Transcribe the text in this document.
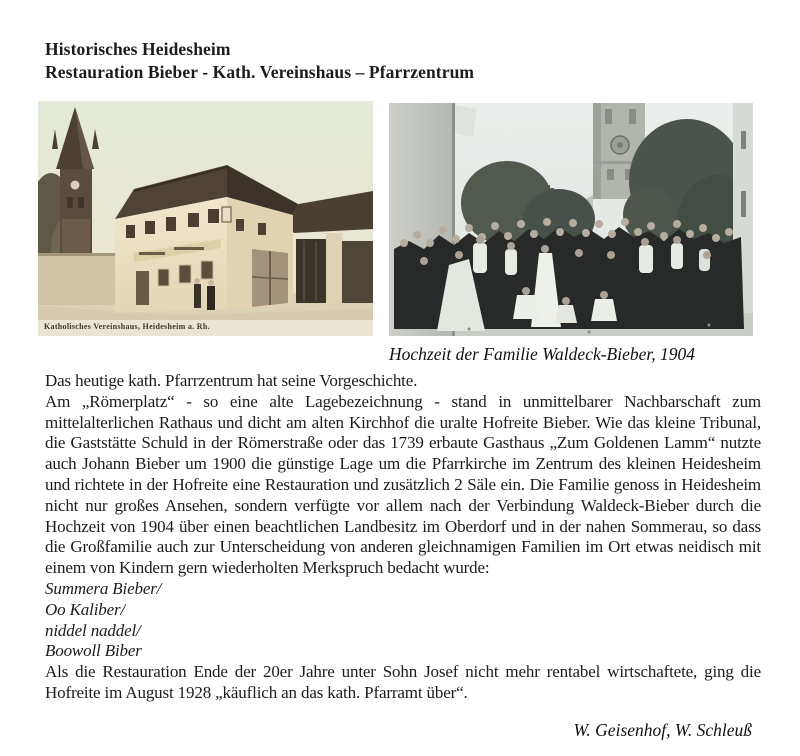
Historisches Heidesheim
Restauration Bieber - Kath. Vereinshaus – Pfarrzentrum
Katholisches Vereinshaus, Heidesheim a. Rh.
Hochzeit der Familie Waldeck-Bieber, 1904

Das heutige kath. Pfarrzentrum hat seine Vorgeschichte.

Am „Römerplatz“ - so eine alte Lagebezeichnung - stand in unmittelbarer Nachbarschaft zum mittelalterlichen Rathaus und dicht am alten Kirchhof die uralte Hofreite Bieber. Wie das kleine Tribunal, die Gaststätte Schuld in der Römerstraße oder das 1739 erbaute Gasthaus „Zum Goldenen Lamm“ nutzte auch Johann Bieber um 1900 die günstige Lage um die Pfarrkirche im Zentrum des kleinen Heidesheim und richtete in der Hofreite eine Restauration und zusätzlich 2 Säle ein. Die Familie genoss in Heidesheim nicht nur großes Ansehen, sondern verfügte vor allem nach der Verbindung Waldeck-Bieber durch die Hochzeit von 1904 über einen beachtlichen Landbesitz im Oberdorf und in der nahen Sommerau, so dass die Großfamilie auch zur Unterscheidung von anderen gleichnamigen Familien im Ort etwas neidisch mit einem von Kindern gern wiederholten Merkspruch bedacht wurde:

Summera Bieber/

Oo Kaliber/

niddel naddel/

Boowoll Biber

Als die Restauration Ende der 20er Jahre unter Sohn Josef nicht mehr rentabel wirtschaftete, ging die Hofreite im August 1928 „käuflich an das kath. Pfarramt über“.

W. Geisenhof, W. Schleuß
